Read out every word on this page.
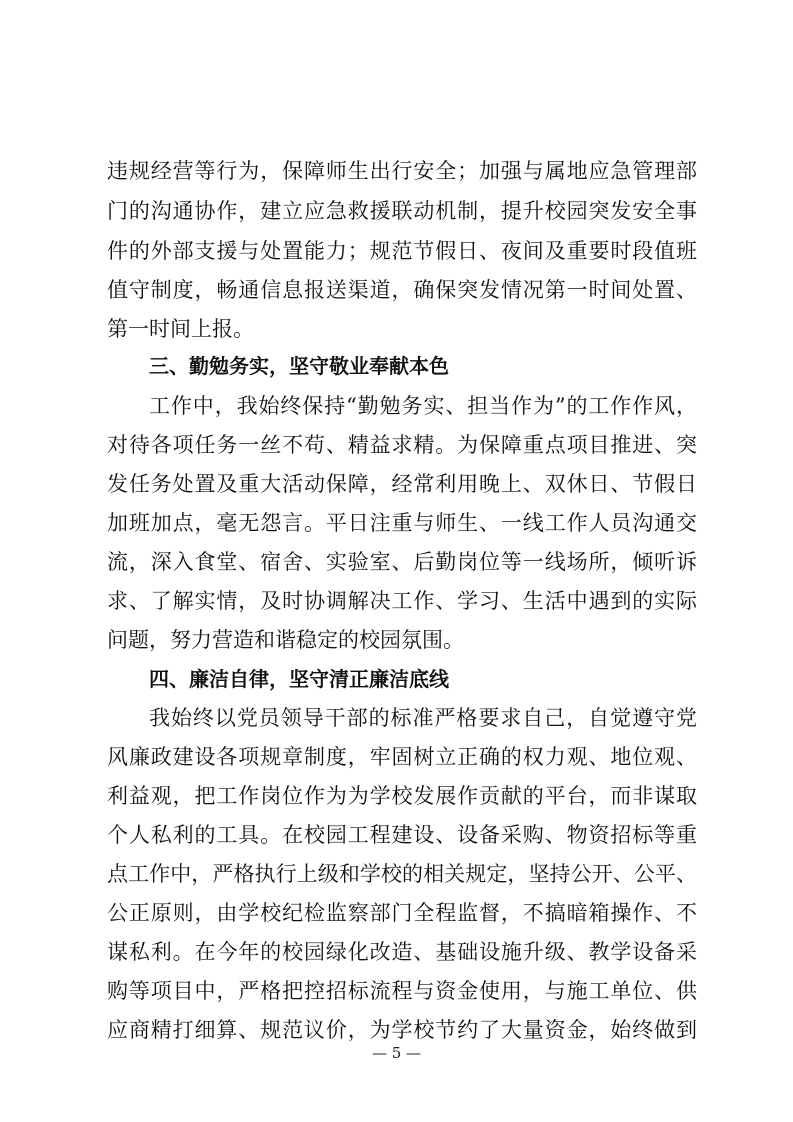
违规经营等行为，保障师生出行安全；加强与属地应急管理部
门的沟通协作，建立应急救援联动机制，提升校园突发安全事
件的外部支援与处置能力；规范节假日、夜间及重要时段值班
值守制度，畅通信息报送渠道，确保突发情况第一时间处置、
第一时间上报。
三、勤勉务实，坚守敬业奉献本色
工作中，我始终保持“勤勉务实、担当作为”的工作作风，
对待各项任务一丝不苟、精益求精。为保障重点项目推进、突
发任务处置及重大活动保障，经常利用晚上、双休日、节假日
加班加点，毫无怨言。平日注重与师生、一线工作人员沟通交
流，深入食堂、宿舍、实验室、后勤岗位等一线场所，倾听诉
求、了解实情，及时协调解决工作、学习、生活中遇到的实际
问题，努力营造和谐稳定的校园氛围。
四、廉洁自律，坚守清正廉洁底线
我始终以党员领导干部的标准严格要求自己，自觉遵守党
风廉政建设各项规章制度，牢固树立正确的权力观、地位观、
利益观，把工作岗位作为为学校发展作贡献的平台，而非谋取
个人私利的工具。在校园工程建设、设备采购、物资招标等重
点工作中，严格执行上级和学校的相关规定，坚持公开、公平、
公正原则，由学校纪检监察部门全程监督，不搞暗箱操作、不
谋私利。在今年的校园绿化改造、基础设施升级、教学设备采
购等项目中，严格把控招标流程与资金使用，与施工单位、供
应商精打细算、规范议价，为学校节约了大量资金，始终做到
— 5 —
